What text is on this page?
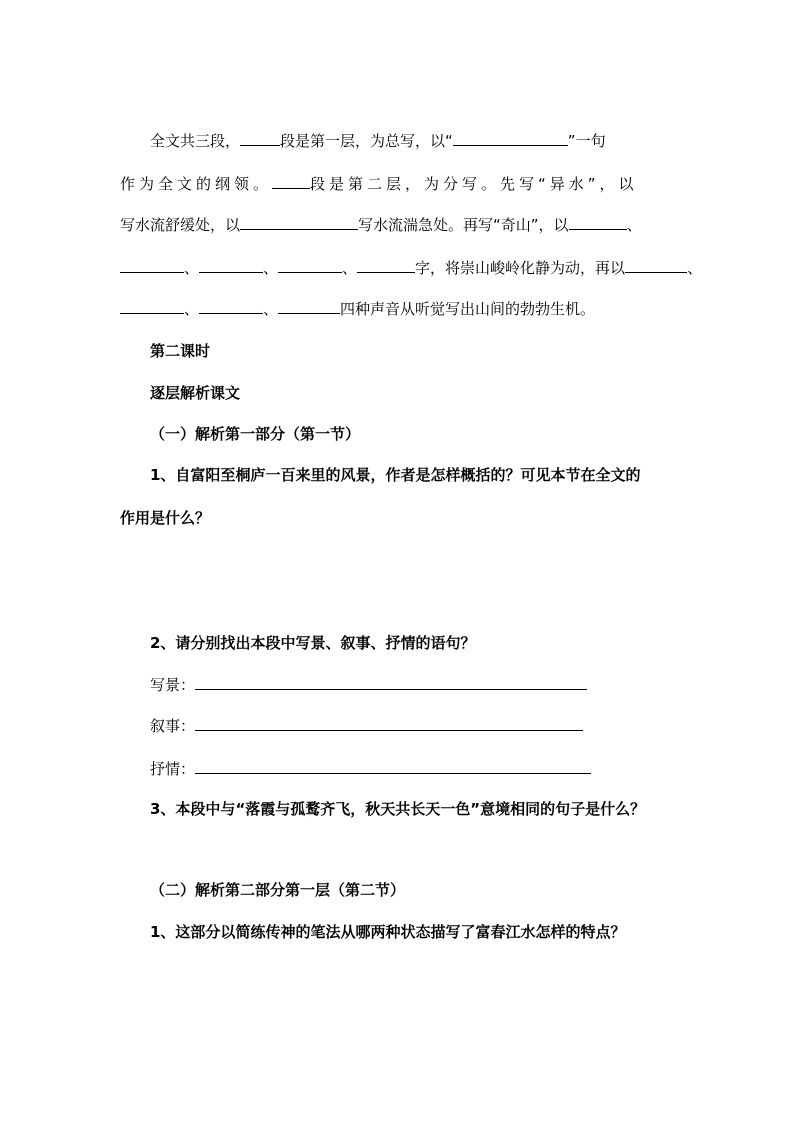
全文共三段，	段是第一层，为总写，以“	”一句
作为全文的纲领。	段是第二层，为分写。先写“异水”，以
写水流舒缓处，以	写水流湍急处。再写“奇山”，以	、
、	、	、	字，将崇山峻岭化静为动，再以	、
、	、	四种声音从听觉写出山间的勃勃生机。
第二课时
逐层解析课文
（一）解析第一部分（第一节）
1、自富阳至桐庐一百来里的风景，作者是怎样概括的？可见本节在全文的
作用是什么？
2、请分别找出本段中写景、叙事、抒情的语句？
写景：
叙事：
抒情：
3、本段中与“落霞与孤鹜齐飞，秋天共长天一色”意境相同的句子是什么？
（二）解析第二部分第一层（第二节）
1、这部分以简练传神的笔法从哪两种状态描写了富春江水怎样的特点？
